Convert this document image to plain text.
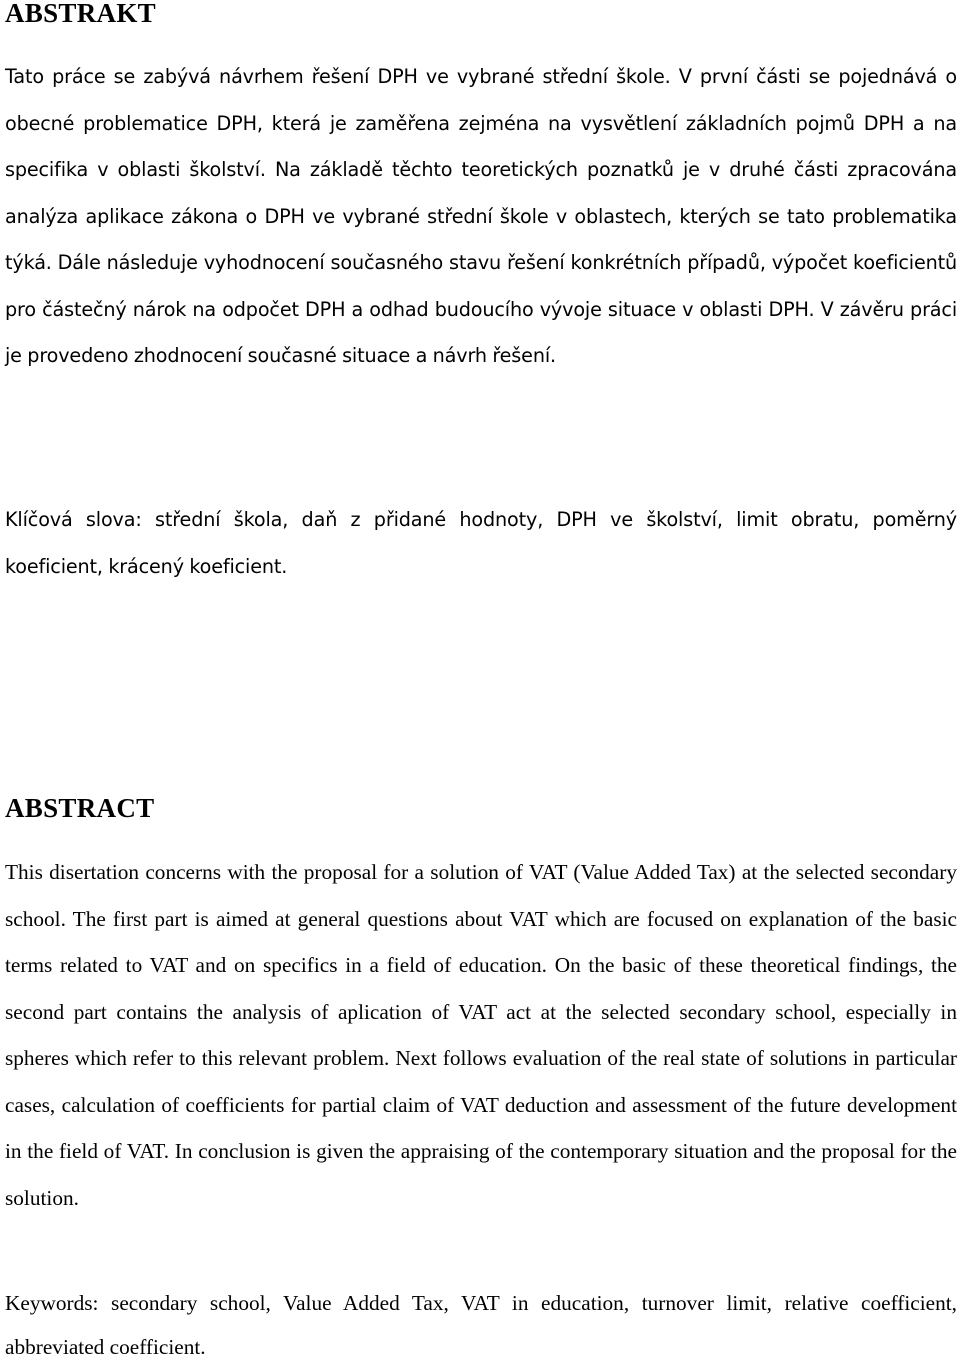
ABSTRAKT

Tato práce se zabývá návrhem řešení DPH ve vybrané střední škole. V první části se pojednává o obecné problematice DPH, která je zaměřena zejména na vysvětlení základních pojmů DPH a na specifika v oblasti školství. Na základě těchto teoretických poznatků je v druhé části zpracována analýza aplikace zákona o DPH ve vybrané střední škole v oblastech, kterých se tato problematika týká. Dále následuje vyhodnocení současného stavu řešení konkrétních případů, výpočet koeficientů pro částečný nárok na odpočet DPH a odhad budoucího vývoje situace v oblasti DPH. V závěru práci je provedeno zhodnocení současné situace a návrh řešení.

Klíčová slova: střední škola, daň z přidané hodnoty, DPH ve školství, limit obratu, poměrný koeficient, krácený koeficient.

ABSTRACT

This disertation concerns with the proposal for a solution of VAT (Value Added Tax) at the selected secondary school. The first part is aimed at general questions about VAT which are focused on explanation of the basic terms related to VAT and on specifics in a field of education. On the basic of these theoretical findings, the second part contains the analysis of aplication of VAT act at the selected secondary school, especially in spheres which refer to this relevant problem. Next follows evaluation of the real state of solutions in particular cases, calculation of coefficients for partial claim of VAT deduction and assessment of the future development in the field of VAT. In conclusion is given the appraising of the contemporary situation and the proposal for the solution.

Keywords: secondary school, Value Added Tax, VAT in education, turnover limit, relative coefficient, abbreviated coefficient.
